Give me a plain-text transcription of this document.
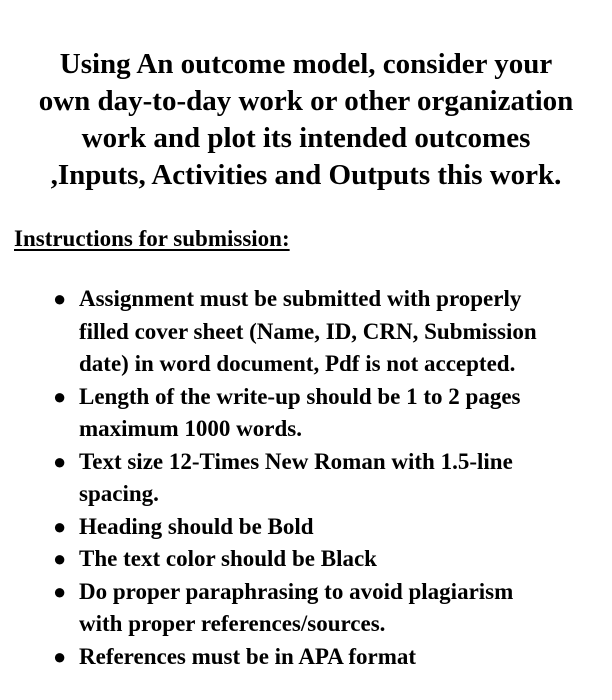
Using An outcome model, consider your
own day-to-day work or other organization
work and plot its intended outcomes
,Inputs, Activities and Outputs this work.
Instructions for submission:
● Assignment must be submitted with properly
filled cover sheet (Name, ID, CRN, Submission
date) in word document, Pdf is not accepted.
● Length of the write-up should be 1 to 2 pages
maximum 1000 words.
● Text size 12-Times New Roman with 1.5-line
spacing.
● Heading should be Bold
● The text color should be Black
● Do proper paraphrasing to avoid plagiarism
with proper references/sources.
● References must be in APA format
